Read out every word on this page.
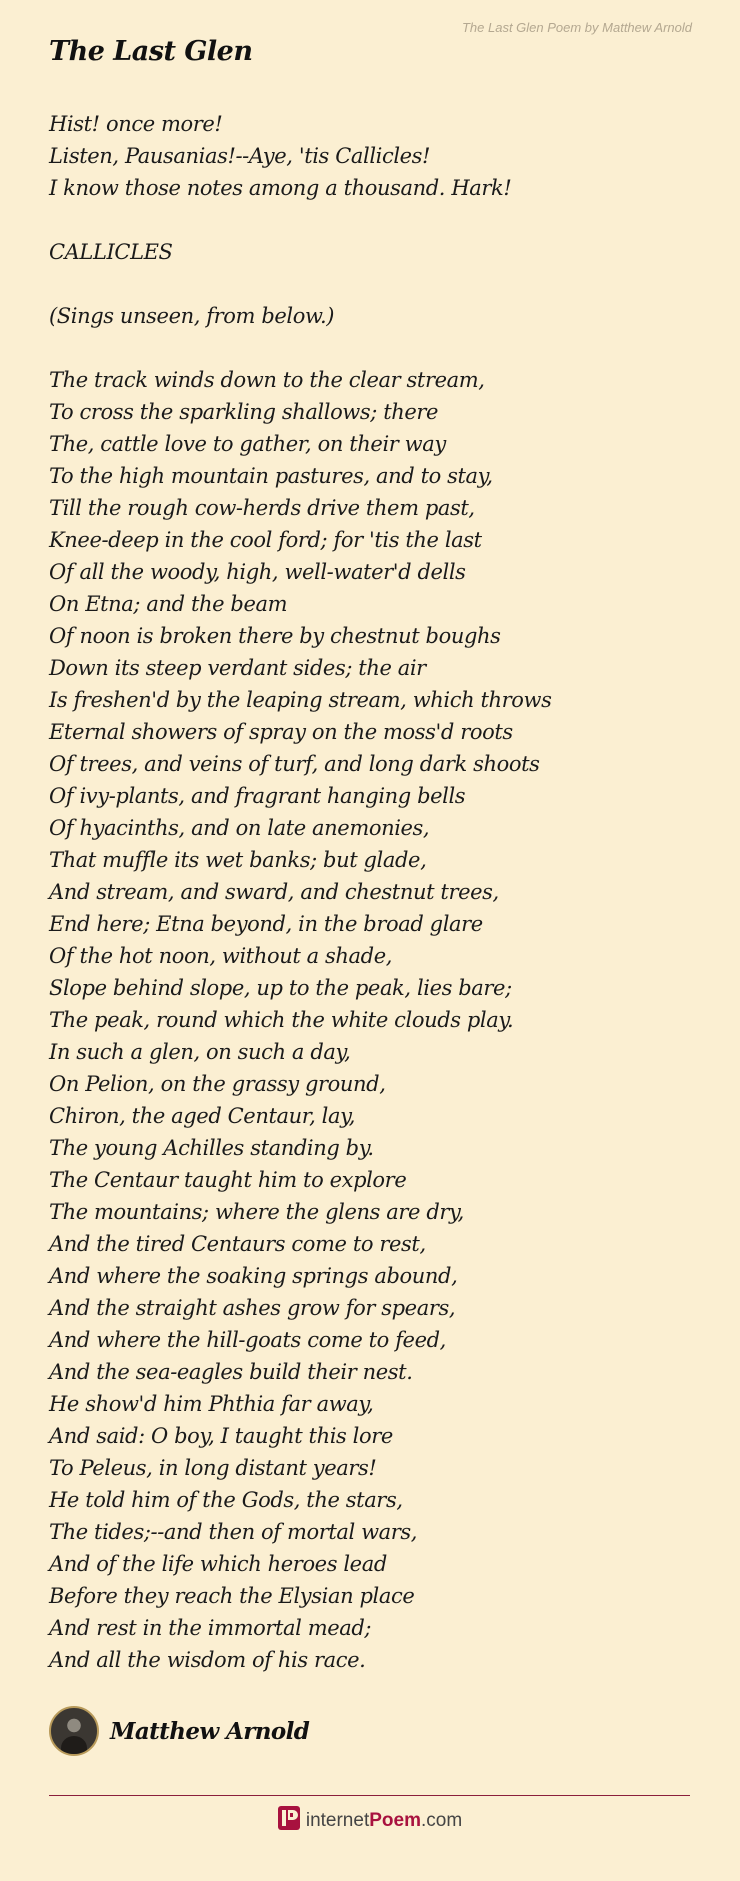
The Last Glen Poem by Matthew Arnold
The Last Glen
Hist! once more!
Listen, Pausanias!--Aye, 'tis Callicles!
I know those notes among a thousand. Hark!
CALLICLES
(Sings unseen, from below.)
The track winds down to the clear stream,
To cross the sparkling shallows; there
The, cattle love to gather, on their way
To the high mountain pastures, and to stay,
Till the rough cow-herds drive them past,
Knee-deep in the cool ford; for 'tis the last
Of all the woody, high, well-water'd dells
On Etna; and the beam
Of noon is broken there by chestnut boughs
Down its steep verdant sides; the air
Is freshen'd by the leaping stream, which throws
Eternal showers of spray on the moss'd roots
Of trees, and veins of turf, and long dark shoots
Of ivy-plants, and fragrant hanging bells
Of hyacinths, and on late anemonies,
That muffle its wet banks; but glade,
And stream, and sward, and chestnut trees,
End here; Etna beyond, in the broad glare
Of the hot noon, without a shade,
Slope behind slope, up to the peak, lies bare;
The peak, round which the white clouds play.
In such a glen, on such a day,
On Pelion, on the grassy ground,
Chiron, the aged Centaur, lay,
The young Achilles standing by.
The Centaur taught him to explore
The mountains; where the glens are dry,
And the tired Centaurs come to rest,
And where the soaking springs abound,
And the straight ashes grow for spears,
And where the hill-goats come to feed,
And the sea-eagles build their nest.
He show'd him Phthia far away,
And said: O boy, I taught this lore
To Peleus, in long distant years!
He told him of the Gods, the stars,
The tides;--and then of mortal wars,
And of the life which heroes lead
Before they reach the Elysian place
And rest in the immortal mead;
And all the wisdom of his race.
Matthew Arnold
internet Poem .com
